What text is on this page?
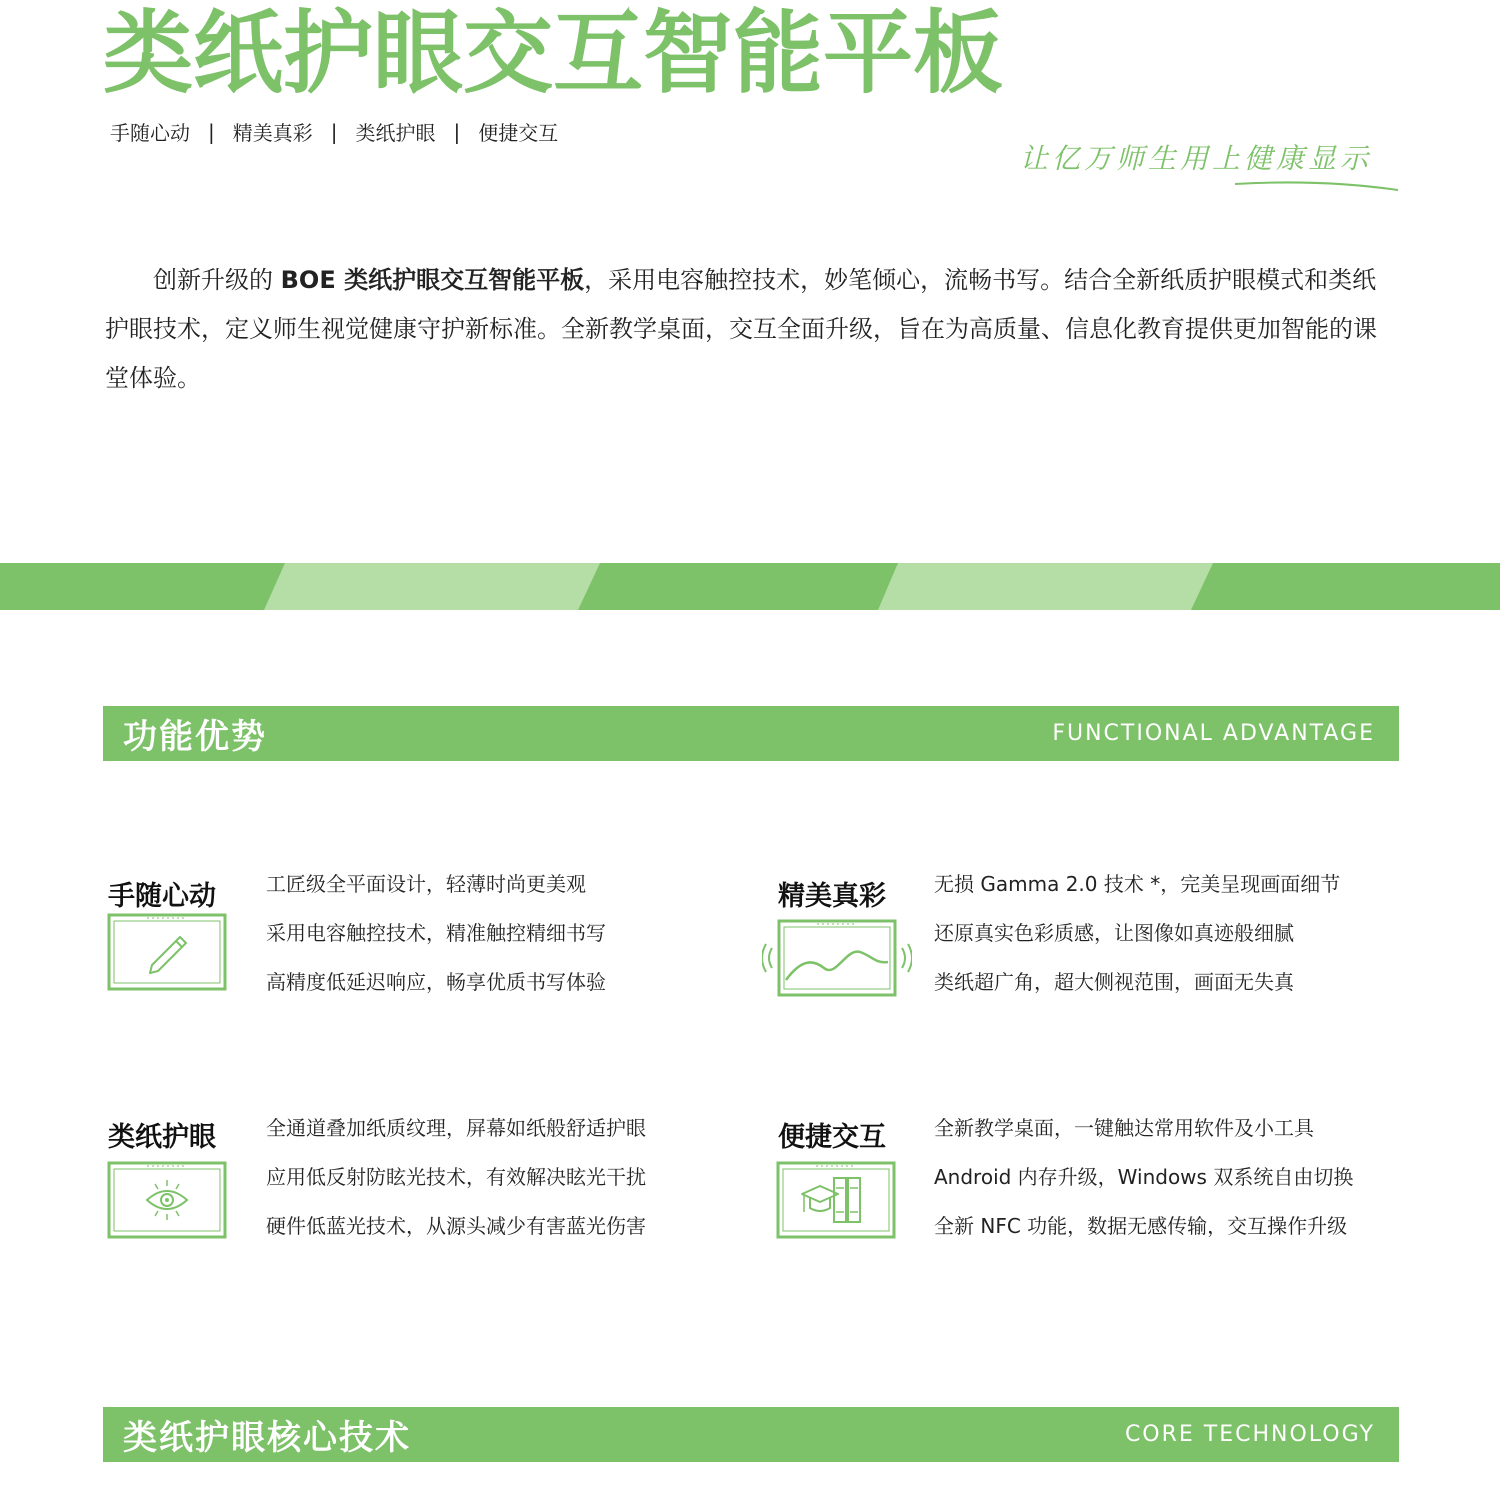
类纸护眼交互智能平板
手随心动 | 精美真彩 | 类纸护眼 | 便捷交互
让亿万师生用上健康显示

创新升级的 BOE 类纸护眼交互智能平板，采用电容触控技术，妙笔倾心，流畅书写。结合全新纸质护眼模式和类纸护眼技术，定义师生视觉健康守护新标准。全新教学桌面，交互全面升级，旨在为高质量、信息化教育提供更加智能的课堂体验。

功能优势	FUNCTIONAL ADVANTAGE
手随心动	工匠级全平面设计，轻薄时尚更美观
采用电容触控技术，精准触控精细书写
高精度低延迟响应，畅享优质书写体验
精美真彩 无损 Gamma 2.0 技术 *，完美呈现画面细节
还原真实色彩质感，让图像如真迹般细腻
类纸超广角，超大侧视范围，画面无失真
类纸护眼	全通道叠加纸质纹理，屏幕如纸般舒适护眼
应用低反射防眩光技术，有效解决眩光干扰
硬件低蓝光技术，从源头减少有害蓝光伤害
便捷交互 全新教学桌面，一键触达常用软件及小工具
Android 内存升级，Windows 双系统自由切换
全新 NFC 功能，数据无感传输，交互操作升级
类纸护眼核心技术	CORE TECHNOLOGY
